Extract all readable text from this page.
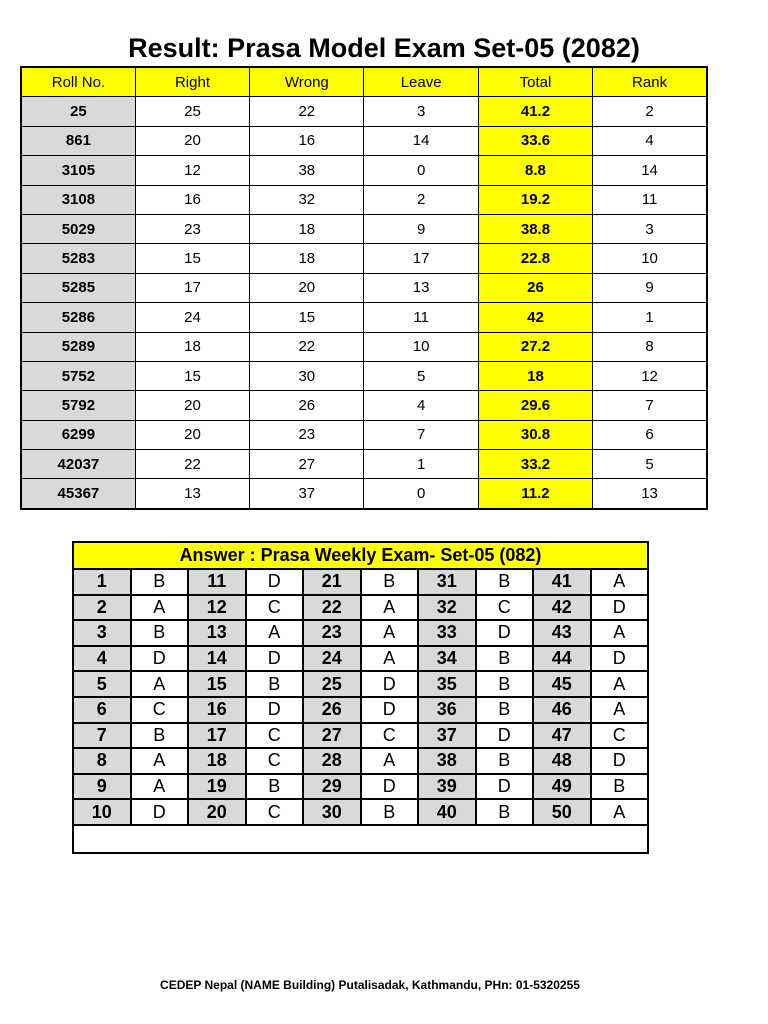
Result: Prasa Model Exam Set-05 (2082)
Roll No.	Right	Wrong	Leave	Total	Rank
25	25	22	3	41.2	2
861	20	16	14	33.6	4
3105	12	38	0	8.8	14
3108	16	32	2	19.2	11
5029	23	18	9	38.8	3
5283	15	18	17	22.8	10
5285	17	20	13	26	9
5286	24	15	11	42	1
5289	18	22	10	27.2	8
5752	15	30	5	18	12
5792	20	26	4	29.6	7
6299	20	23	7	30.8	6
42037	22	27	1	33.2	5
45367	13	37	0	11.2	13
Answer : Prasa Weekly Exam- Set-05 (082)									
1	B	11	D	21	B	31	B	41	A
2	A	12	C	22	A	32	C	42	D
3	B	13	A	23	A	33	D	43	A
4	D	14	D	24	A	34	B	44	D
5	A	15	B	25	D	35	B	45	A
6	C	16	D	26	D	36	B	46	A
7	B	17	C	27	C	37	D	47	C
8	A	18	C	28	A	38	B	48	D
9	A	19	B	29	D	39	D	49	B
10	D	20	C	30	B	40	B	50	A

CEDEP Nepal (NAME Building) Putalisadak, Kathmandu, PHn: 01-5320255
